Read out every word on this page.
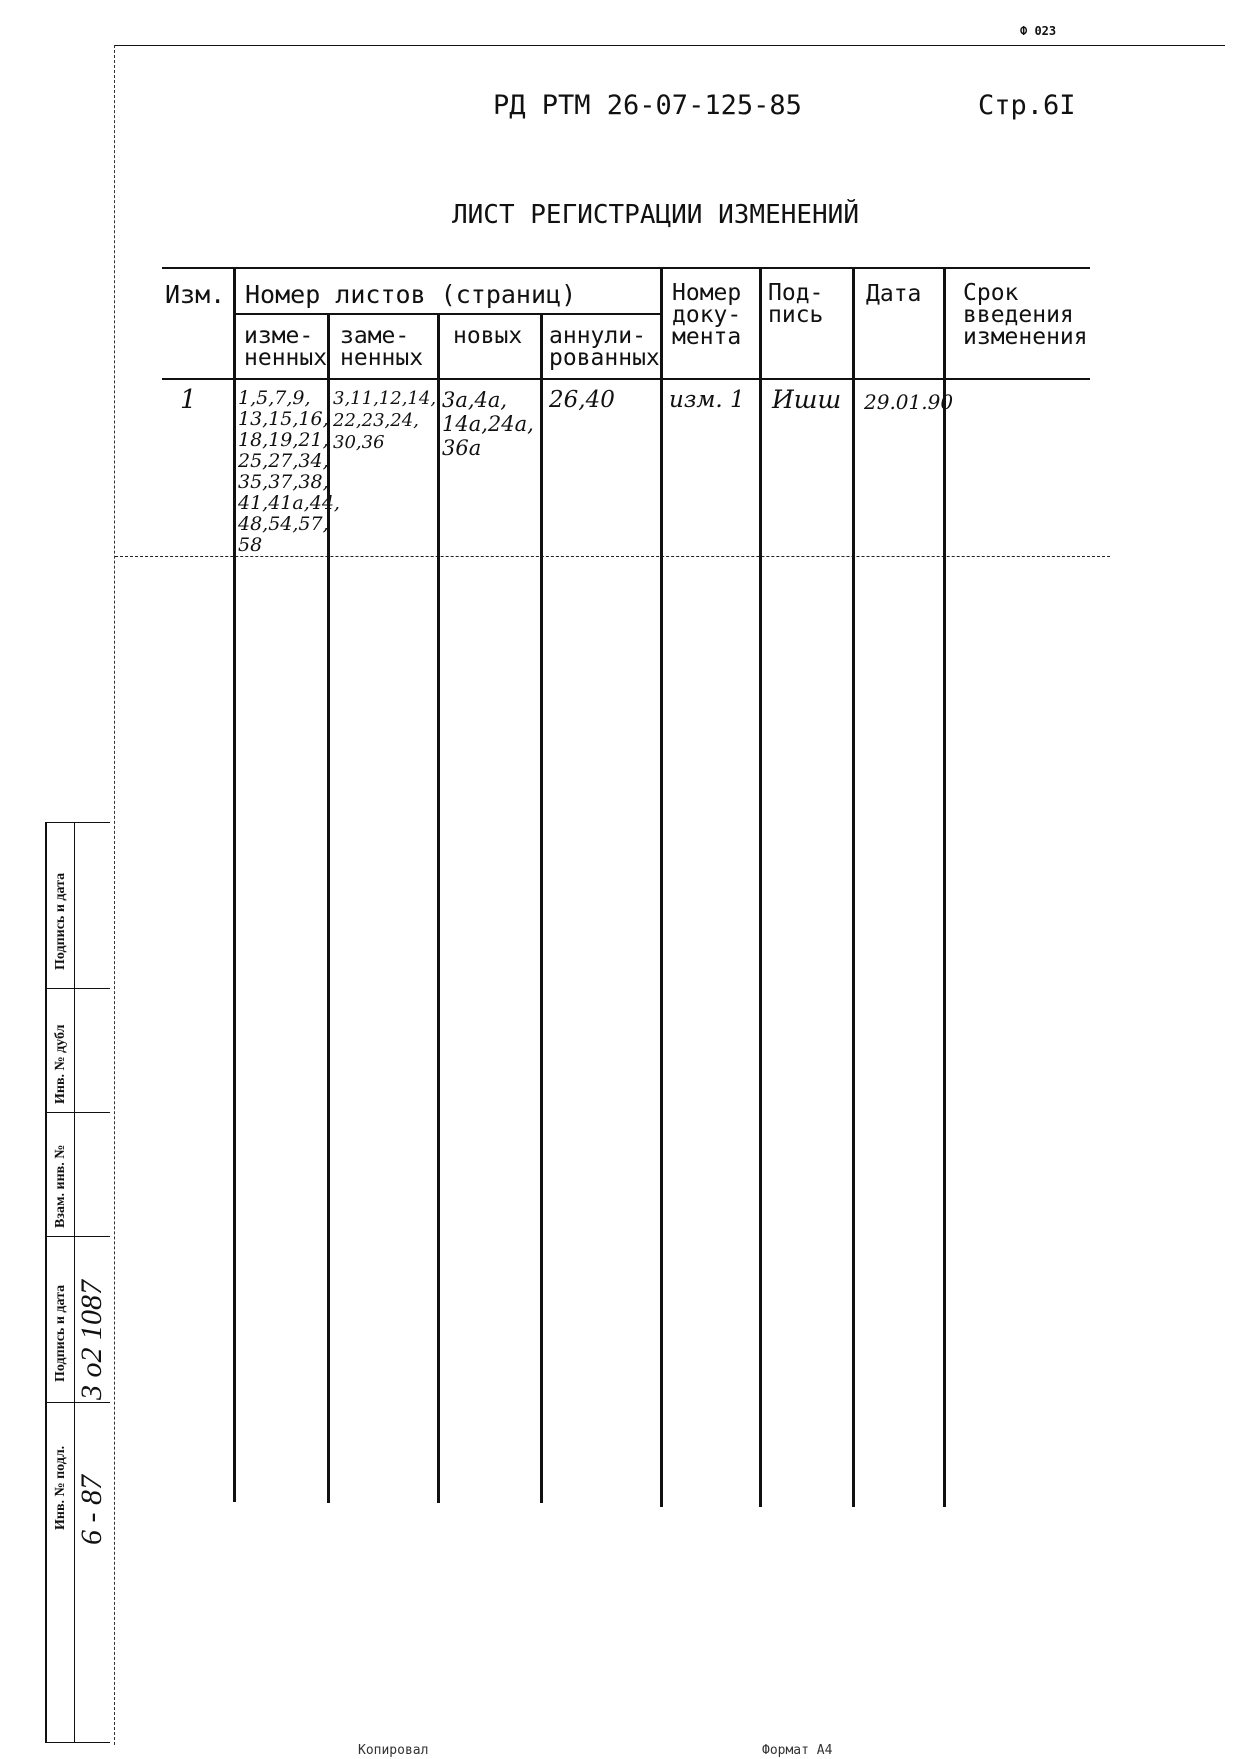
Ф 023
РД РТМ 26-07-125-85	Стр.6I
ЛИСТ РЕГИСТРАЦИИ ИЗМЕНЕНИЙ
Изм. Номер листов (страниц)
изме-
ненных
заме-
ненных
новых аннули-
рованных
Номер
доку-
мента
Под-
пись
Дата Срок
введения
изменения
1 1,5,7,9,
13,15,16,
18,19,21,
25,27,34,
35,37,38,
41,41a,44,
48,54,57,
58
3,11,12,14,
22,23,24,
30,36
3a,4a,
14a,24a,
36a
26,40 изм. 1 Ишш 29.01.90
Подпись и дата
Инв. № дубл
Взам. инв. №
Подпись и дата
Инв. № подл.
3 о2 1087
6 - 87
Копировал	Формат А4
